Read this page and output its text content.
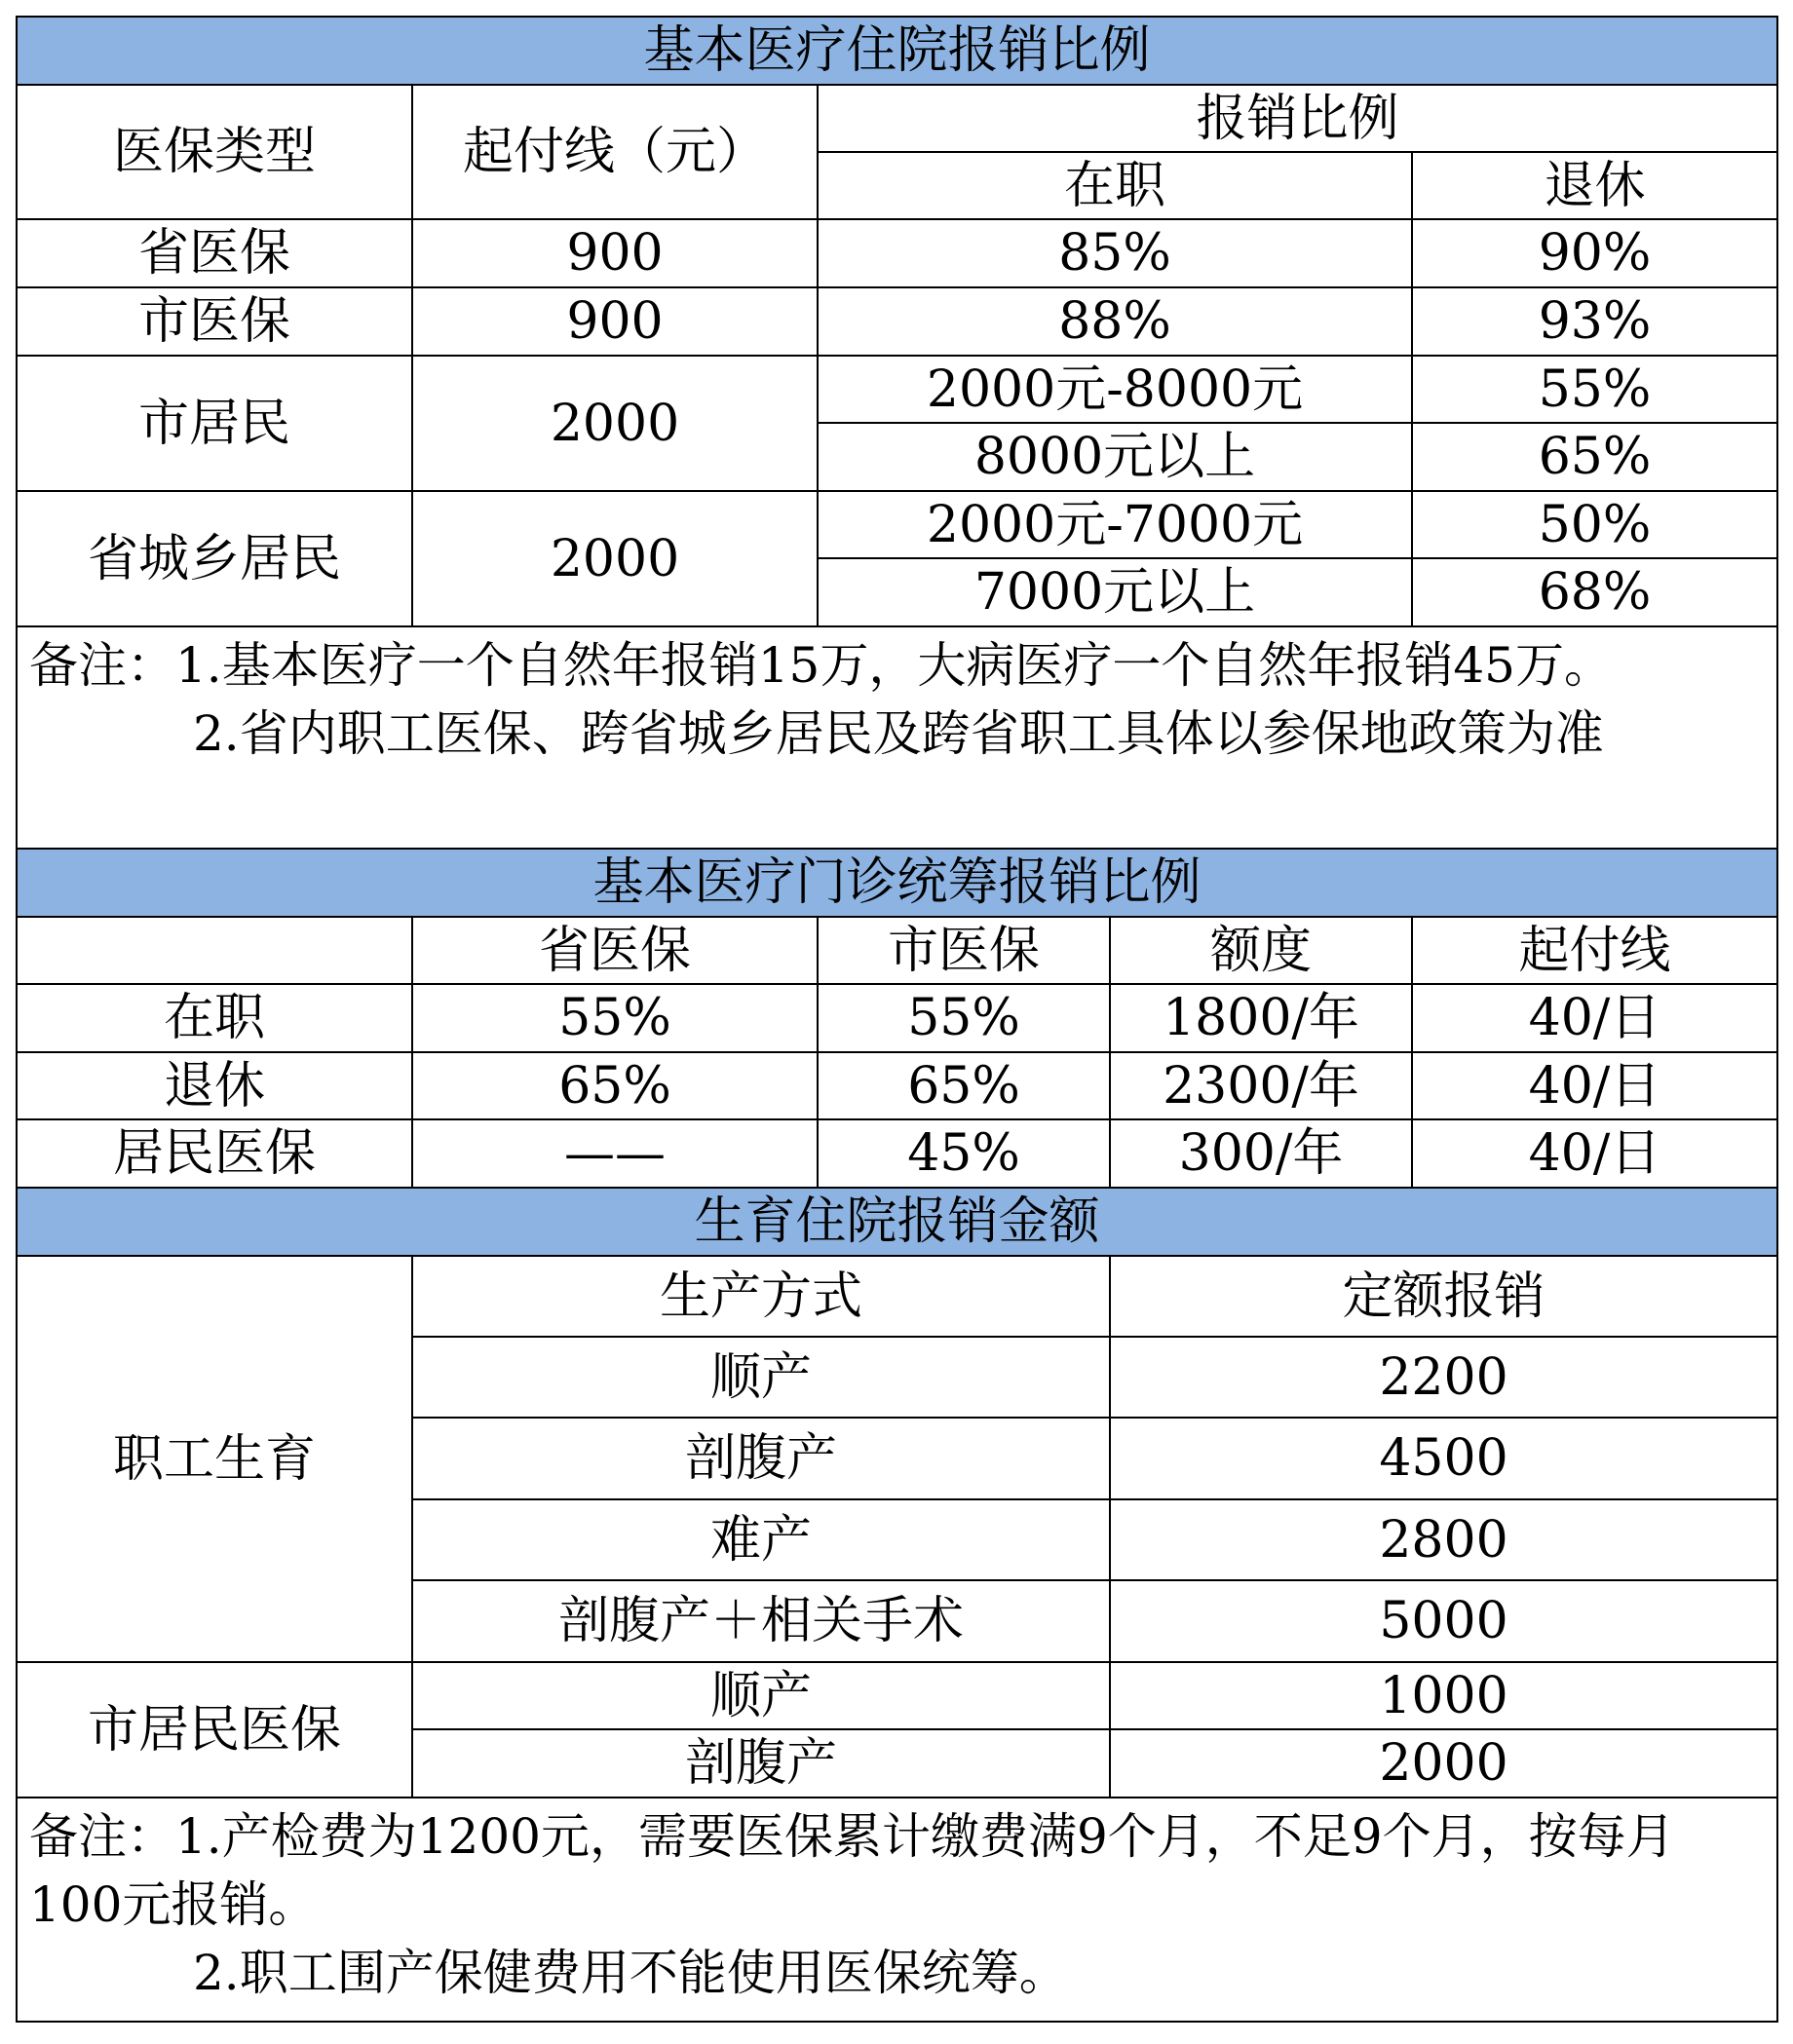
基本医疗住院报销比例			
医保类型	起付线（元）	报销比例	
		在职	退休
省医保	900	85%	90%
市医保	900	88%	93%
市居民	2000	2000元-8000元	55%
		8000元以上	65%
省城乡居民	2000	2000元-7000元	50%
		7000元以上	68%

备注：1.基本医疗一个自然年报销15万，大病医疗一个自然年报销45万。
2.省内职工医保、跨省城乡居民及跨省职工具体以参保地政策为准			
基本医疗门诊统筹报销比例				
	省医保	市医保	额度	起付线
在职	55%	55%	1800/年	40/日
退休	65%	65%	2300/年	40/日
居民医保	——	45%	300/年	40/日
生育住院报销金额		
职工生育	生产方式	定额报销
	顺产	2200
	剖腹产	4500
	难产	2800
	剖腹产＋相关手术	5000
市居民医保	顺产	1000
	剖腹产	2000

备注：1.产检费为1200元，需要医保累计缴费满9个月，不足9个月，按每月100元报销。
2.职工围产保健费用不能使用医保统筹。		
